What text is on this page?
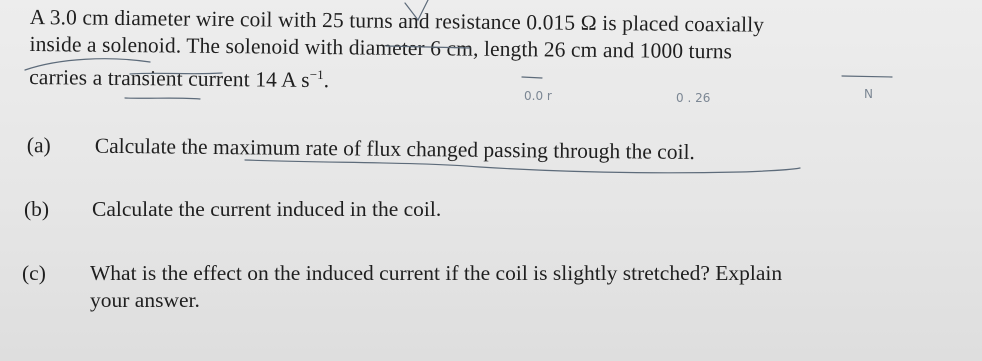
A 3.0 cm diameter wire coil with 25 turns and resistance 0.015 Ω is placed coaxially
inside a solenoid. The solenoid with diameter 6 cm, length 26 cm and 1000 turns
carries a transient current 14 A $s^{-1}$.
(a) Calculate the maximum rate of flux changed passing through the coil.
(b) Calculate the current induced in the coil.
(c) What is the effect on the induced current if the coil is slightly stretched? Explain
your answer.
0.0 r	0 . 26	N
